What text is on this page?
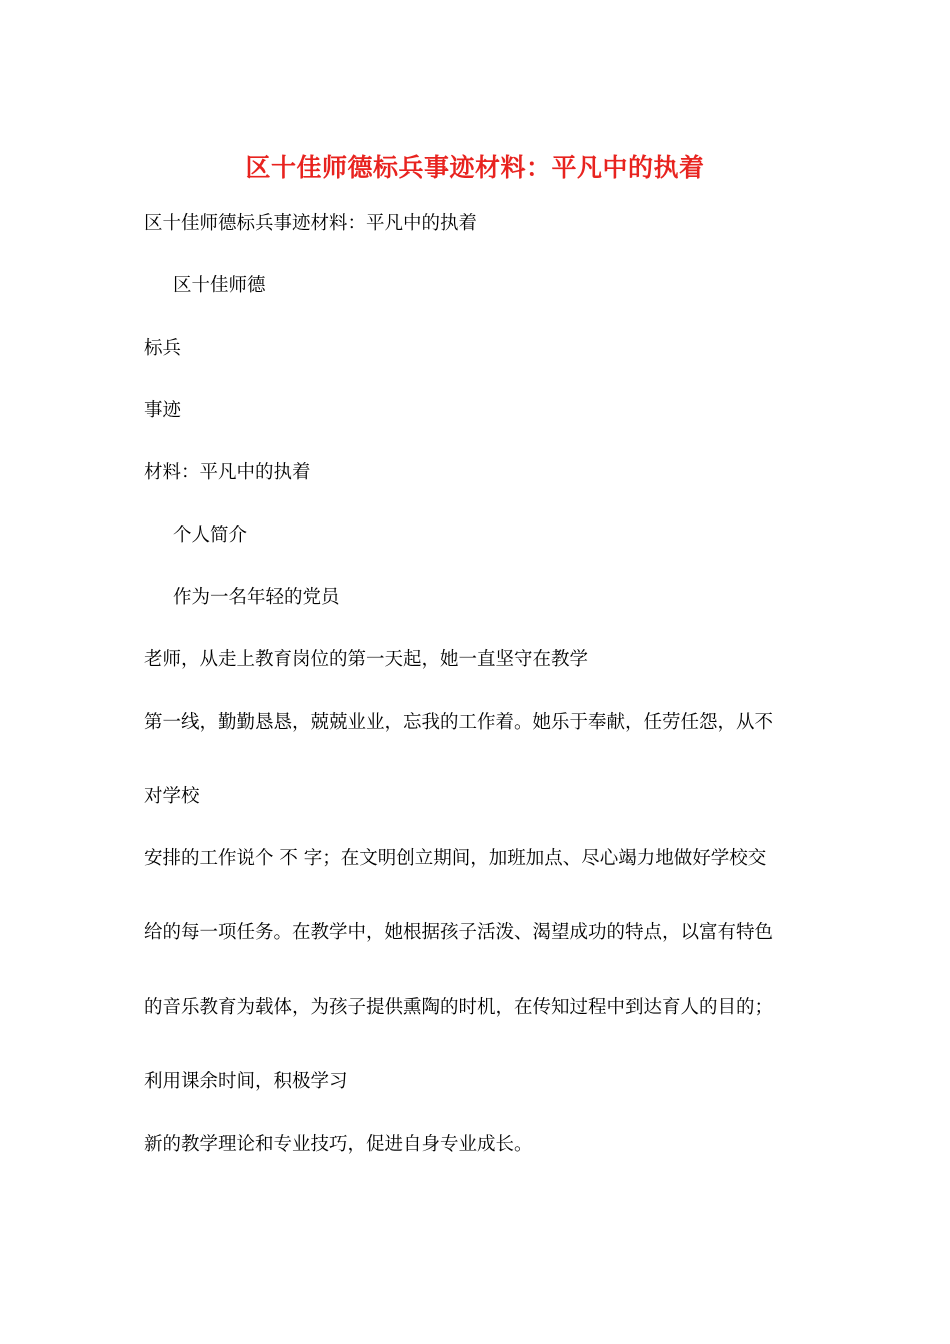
区十佳师德标兵事迹材料：平凡中的执着
区十佳师德标兵事迹材料：平凡中的执着
区十佳师德
标兵
事迹
材料：平凡中的执着
个人简介
作为一名年轻的党员
老师，从走上教育岗位的第一天起，她一直坚守在教学
第一线，勤勤恳恳，兢兢业业，忘我的工作着。她乐于奉献，任劳任怨，从不
对学校
安排的工作说个 不 字；在文明创立期间，加班加点、尽心竭力地做好学校交
给的每一项任务。在教学中，她根据孩子活泼、渴望成功的特点，以富有特色
的音乐教育为载体，为孩子提供熏陶的时机，在传知过程中到达育人的目的；
利用课余时间，积极学习
新的教学理论和专业技巧，促进自身专业成长。
